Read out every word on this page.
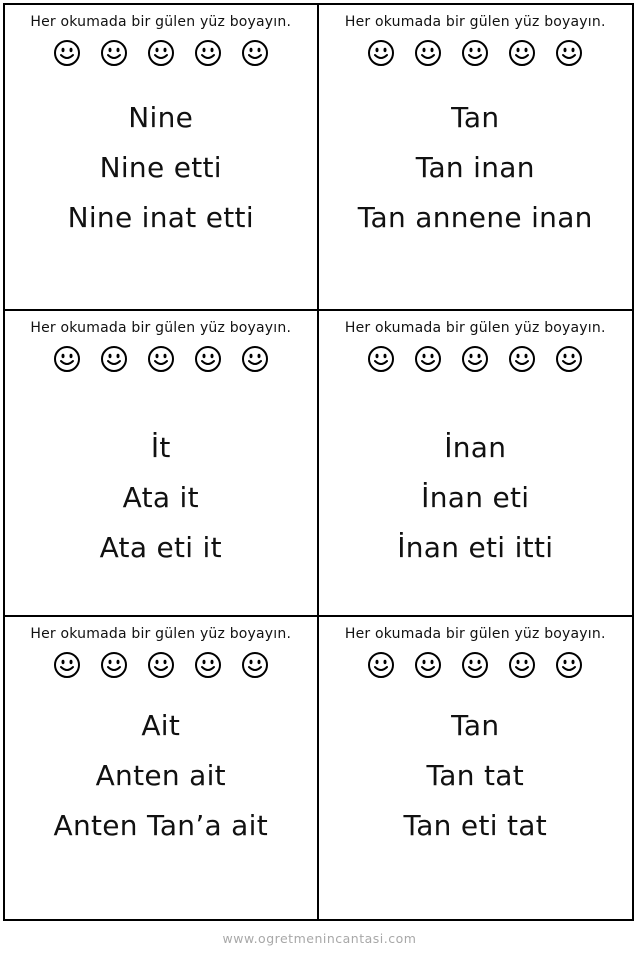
Her okumada bir gülen yüz boyayın.
Nine
Nine etti
Nine inat etti
Her okumada bir gülen yüz boyayın.
Tan
Tan inan
Tan annene inan
Her okumada bir gülen yüz boyayın.
İt
Ata it
Ata eti it
Her okumada bir gülen yüz boyayın.
İnan
İnan eti
İnan eti itti
Her okumada bir gülen yüz boyayın.
Ait
Anten ait
Anten Tan’a ait
Her okumada bir gülen yüz boyayın.
Tan
Tan tat
Tan eti tat
www.ogretmenincantasi.com
